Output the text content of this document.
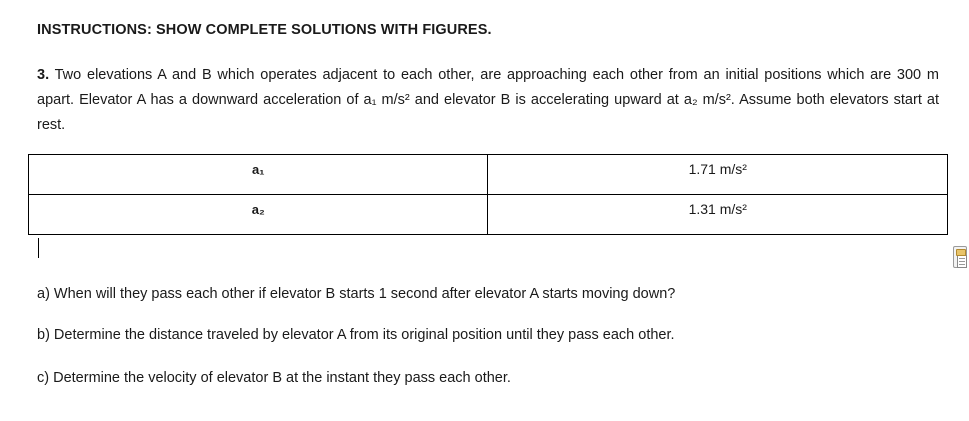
INSTRUCTIONS: SHOW COMPLETE SOLUTIONS WITH FIGURES.
3. Two elevations A and B which operates adjacent to each other, are approaching each other from an initial positions which are 300 m apart. Elevator A has a downward acceleration of a₁ m/s² and elevator B is accelerating upward at a₂ m/s². Assume both elevators start at rest.
a₁	1.71 m/s²
a₂	1.31 m/s²
a) When will they pass each other if elevator B starts 1 second after elevator A starts moving down?
b) Determine the distance traveled by elevator A from its original position until they pass each other.
c) Determine the velocity of elevator B at the instant they pass each other.
